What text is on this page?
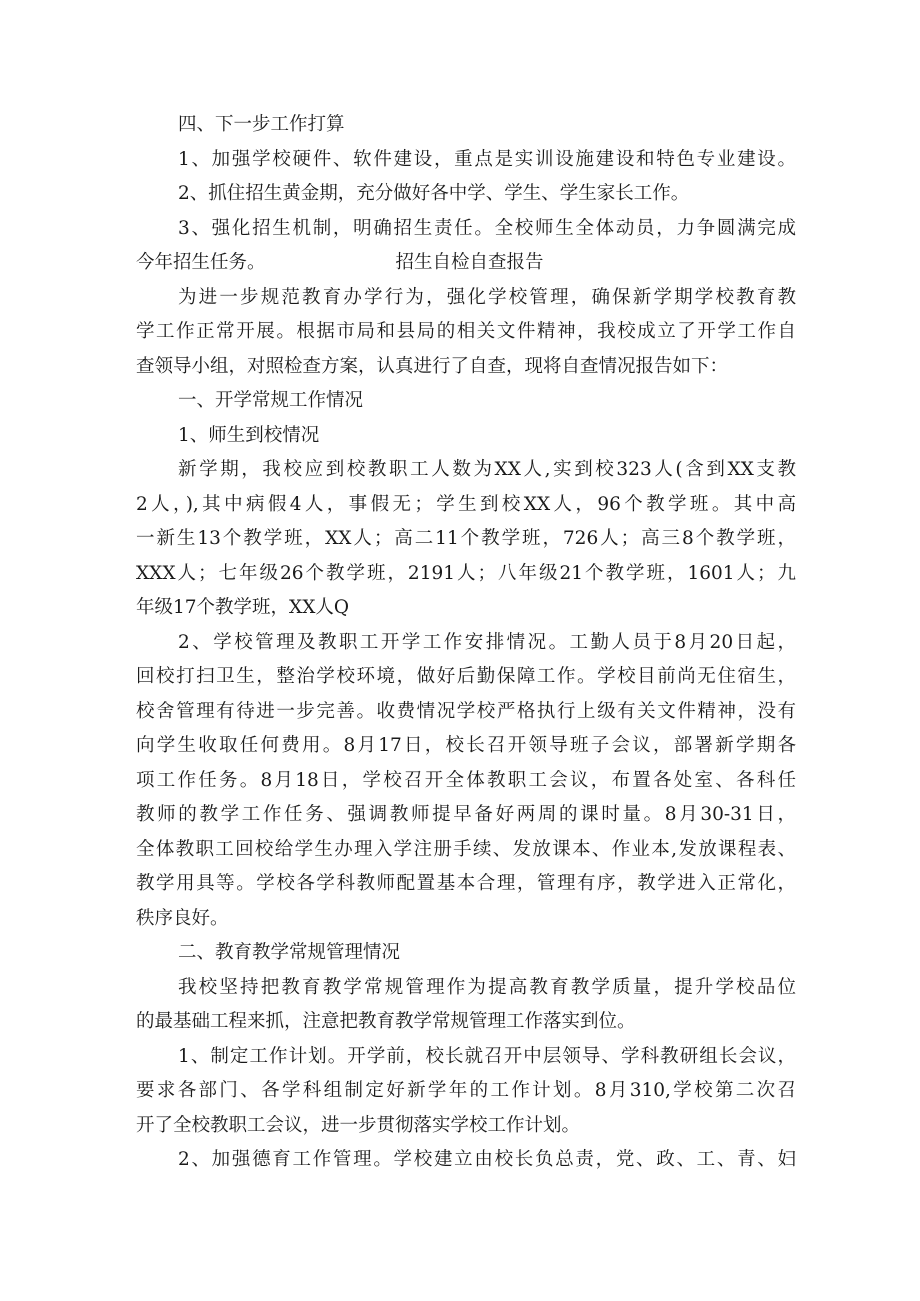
四、下一步工作打算
1、加强学校硬件、软件建设，重点是实训设施建设和特色专业建设。
2、抓住招生黄金期，充分做好各中学、学生、学生家长工作。
3、强化招生机制，明确招生责任。全校师生全体动员，力争圆满完成
今年招生任务。	招生自检自查报告
为进一步规范教育办学行为，强化学校管理，确保新学期学校教育教
学工作正常开展。根据市局和县局的相关文件精神，我校成立了开学工作自
查领导小组，对照检查方案，认真进行了自查，现将自查情况报告如下：
一、开学常规工作情况
1、师生到校情况
新学期，我校应到校教职工人数为XX人,实到校323人(含到XX支教
2人，),其中病假4人，事假无；学生到校XX人，96个教学班。其中高
一新生13个教学班，XX人；高二11个教学班，726人；高三8个教学班，
XXX人；七年级26个教学班，2191人；八年级21个教学班，1601人；九
年级17个教学班，XX人Q
2、学校管理及教职工开学工作安排情况。工勤人员于8月20日起，
回校打扫卫生，整治学校环境，做好后勤保障工作。学校目前尚无住宿生，
校舍管理有待进一步完善。收费情况学校严格执行上级有关文件精神，没有
向学生收取任何费用。8月17日，校长召开领导班子会议，部署新学期各
项工作任务。8月18日，学校召开全体教职工会议，布置各处室、各科任
教师的教学工作任务、强调教师提早备好两周的课时量。8月30-31日，
全体教职工回校给学生办理入学注册手续、发放课本、作业本,发放课程表、
教学用具等。学校各学科教师配置基本合理，管理有序，教学进入正常化，
秩序良好。
二、教育教学常规管理情况
我校坚持把教育教学常规管理作为提高教育教学质量，提升学校品位
的最基础工程来抓，注意把教育教学常规管理工作落实到位。
1、制定工作计划。开学前，校长就召开中层领导、学科教研组长会议，
要求各部门、各学科组制定好新学年的工作计划。8月310,学校第二次召
开了全校教职工会议，进一步贯彻落实学校工作计划。
2、加强德育工作管理。学校建立由校长负总责，党、政、工、青、妇
